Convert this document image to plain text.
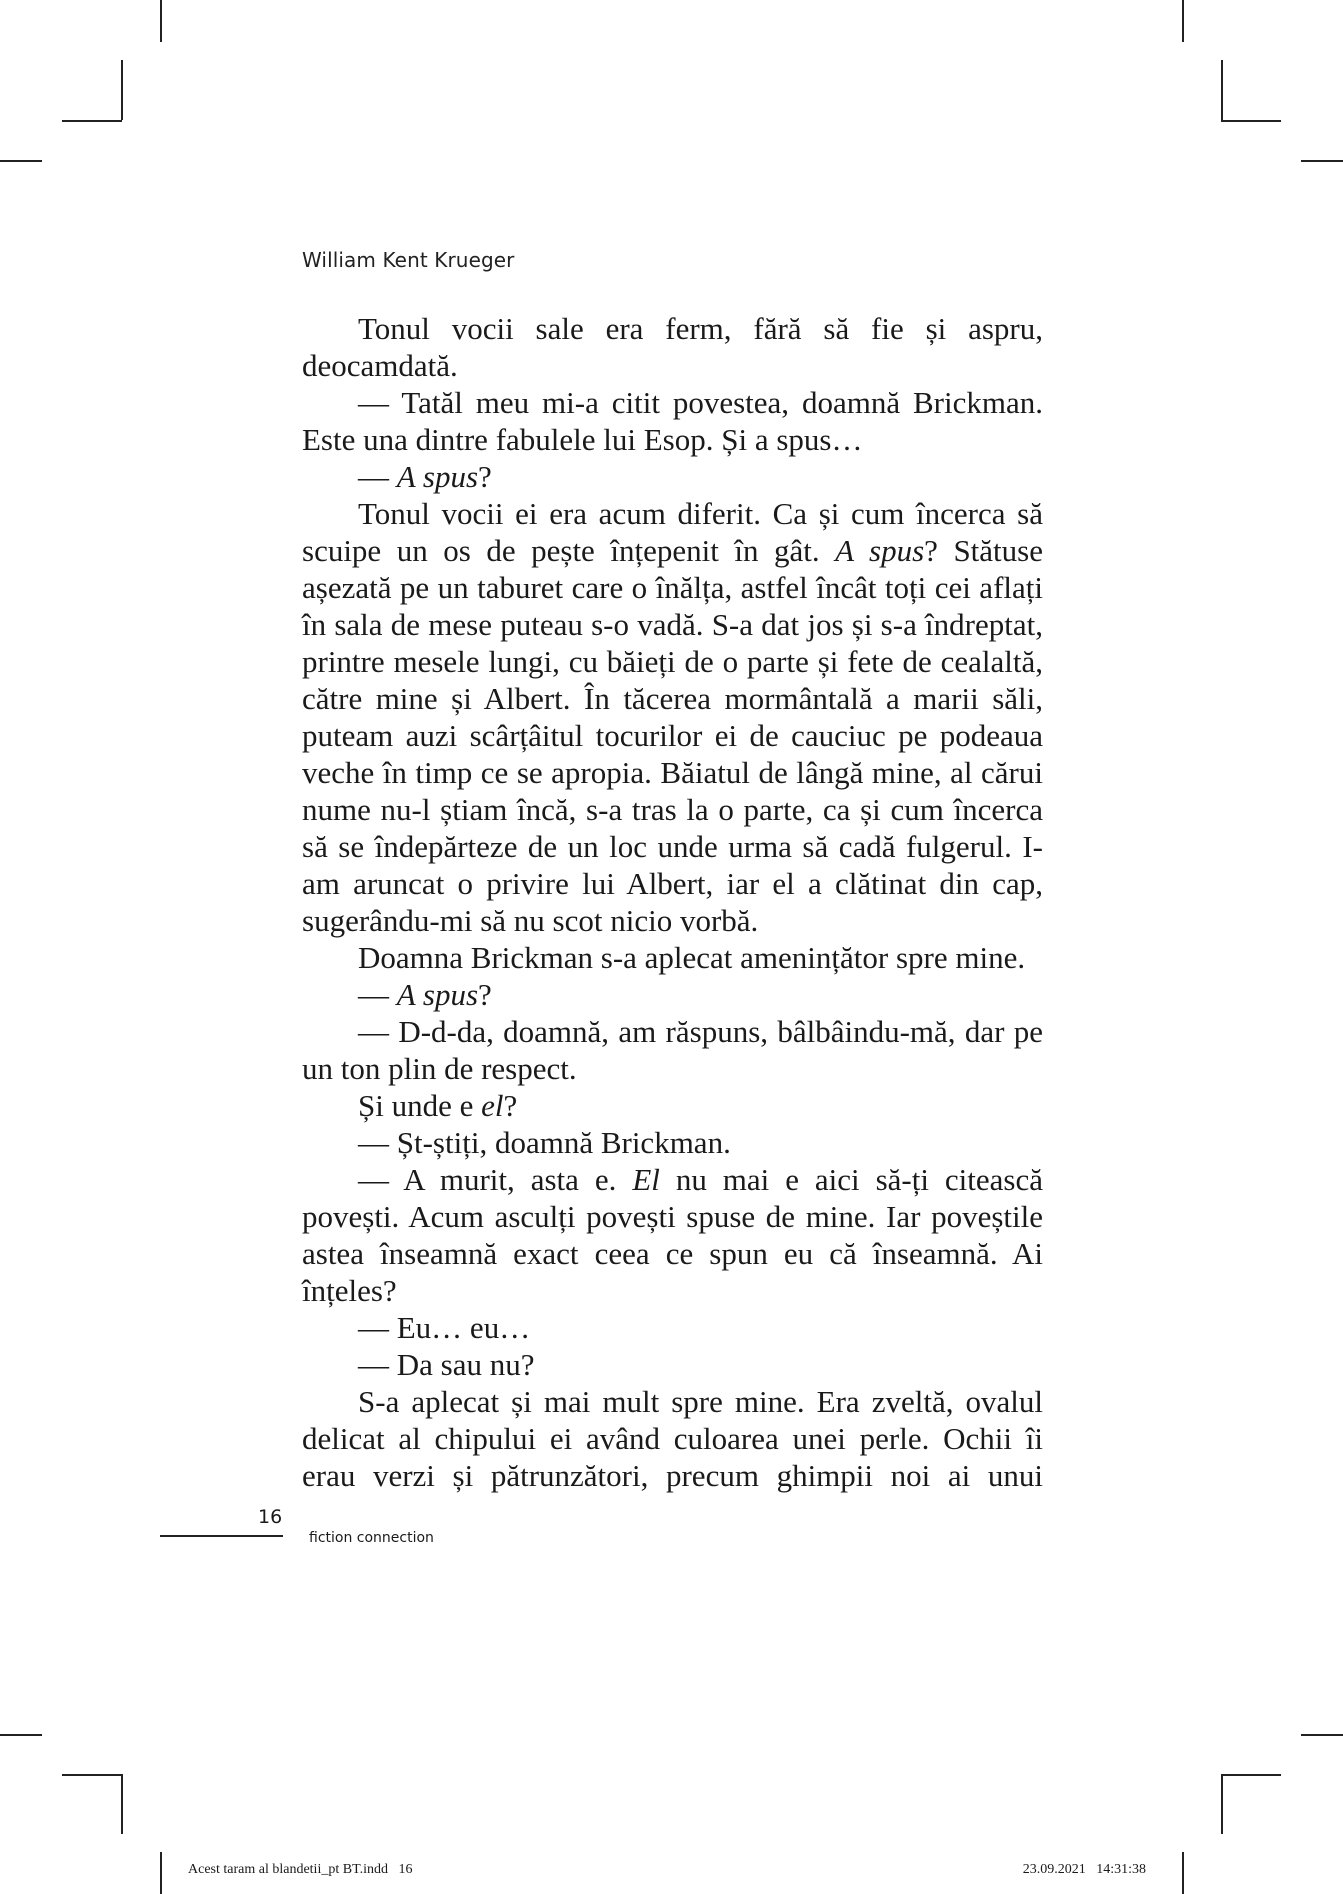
William Kent Krueger

Tonul vocii sale era ferm, fără să fie și aspru, deocamdată.

— Tatăl meu mi-a citit povestea, doamnă Brickman. Este una dintre fabulele lui Esop. Și a spus…

— A spus?

Tonul vocii ei era acum diferit. Ca și cum încerca să scuipe un os de pește înțepenit în gât. A spus? Stătuse așezată pe un taburet care o înălța, astfel încât toți cei aflați în sala de mese puteau s-o vadă. S-a dat jos și s-a îndreptat, printre mesele lungi, cu băieți de o parte și fete de cealaltă, către mine și Albert. În tăcerea mormântală a marii săli, puteam auzi scârțâitul tocurilor ei de cauciuc pe podeaua veche în timp ce se apropia. Băiatul de lângă mine, al cărui nume nu-l știam încă, s-a tras la o parte, ca și cum încerca să se îndepărteze de un loc unde urma să cadă fulgerul. I-am aruncat o privire lui Albert, iar el a clătinat din cap, sugerându-mi să nu scot nicio vorbă.

Doamna Brickman s-a aplecat amenințător spre mine.

— A spus?

— D-d-da, doamnă, am răspuns, bâlbâindu-mă, dar pe un ton plin de respect.

Și unde e el?

— Șt-știți, doamnă Brickman.

— A murit, asta e. El nu mai e aici să-ți citească povești. Acum asculți povești spuse de mine. Iar poveștile astea înseamnă exact ceea ce spun eu că înseamnă. Ai înțeles?

— Eu… eu…

— Da sau nu?

S-a aplecat și mai mult spre mine. Era zveltă, ovalul delicat al chipului ei având culoarea unei perle. Ochii îi erau verzi și pătrunzători, precum ghimpii noi ai unui

16
fiction connection
Acest taram al blandetii_pt BT.indd   16	23.09.2021   14:31:38
